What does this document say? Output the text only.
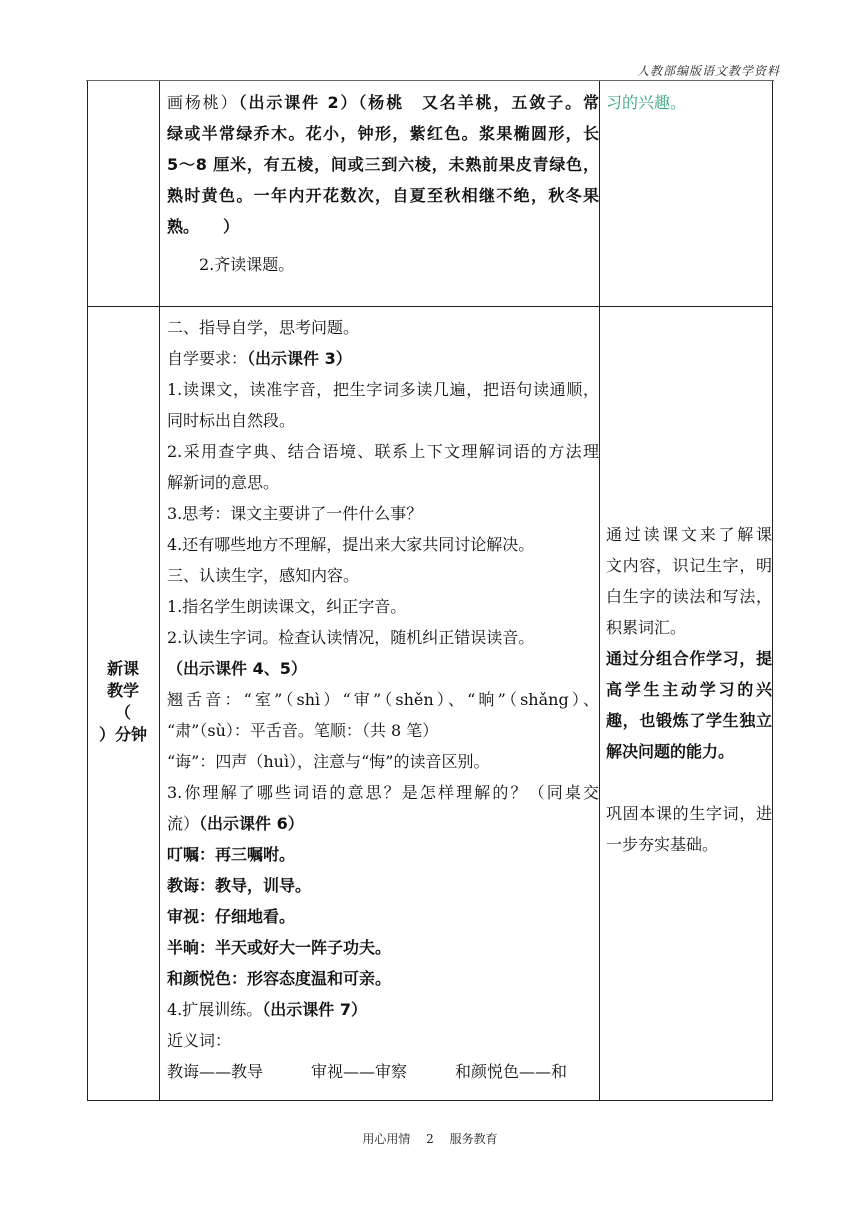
人教部编版语文教学资料

画杨桃）（出示课件 2）（杨桃　又名羊桃，五敛子。常

绿或半常绿乔木。花小，钟形，紫红色。浆果椭圆形，长

5～8 厘米，有五棱，间或三到六棱，未熟前果皮青绿色，

熟时黄色。一年内开花数次，自夏至秋相继不绝，秋冬果

熟。　　）

2.齐读课题。
习的兴趣。
新课
教学
（
）分钟

二、指导自学，思考问题。

自学要求：（出示课件 3）

1.读课文，读准字音，把生字词多读几遍，把语句读通顺，

同时标出自然段。

2.采用查字典、结合语境、联系上下文理解词语的方法理

解新词的意思。

3.思考：课文主要讲了一件什么事？

4.还有哪些地方不理解，提出来大家共同讨论解决。

三、认读生字，感知内容。

1.指名学生朗读课文，纠正字音。

2.认读生字词。检查认读情况，随机纠正错误读音。

（出示课件 4、5）

翘舌音：“室”（shì）“审”（shěn）、“晌”（shǎng）、

“肃”（sù）：平舌音。笔顺：（共 8 笔）

“诲”：四声（huì），注意与“悔”的读音区别。

3.你理解了哪些词语的意思？是怎样理解的？（同桌交

流）（出示课件 6）

叮嘱：再三嘱咐。

教诲：教导，训导。

审视：仔细地看。

半晌：半天或好大一阵子功夫。

和颜悦色：形容态度温和可亲。

4.扩展训练。（出示课件 7）

近义词：

教诲——教导　　　审视——审察　　　和颜悦色——和

通过读课文来了解课

文内容，识记生字，明

白生字的读法和写法，

积累词汇。

通过分组合作学习，提

高学生主动学习的兴

趣，也锻炼了学生独立

解决问题的能力。

巩固本课的生字词，进

一步夯实基础。

用心用情 2 服务教育
